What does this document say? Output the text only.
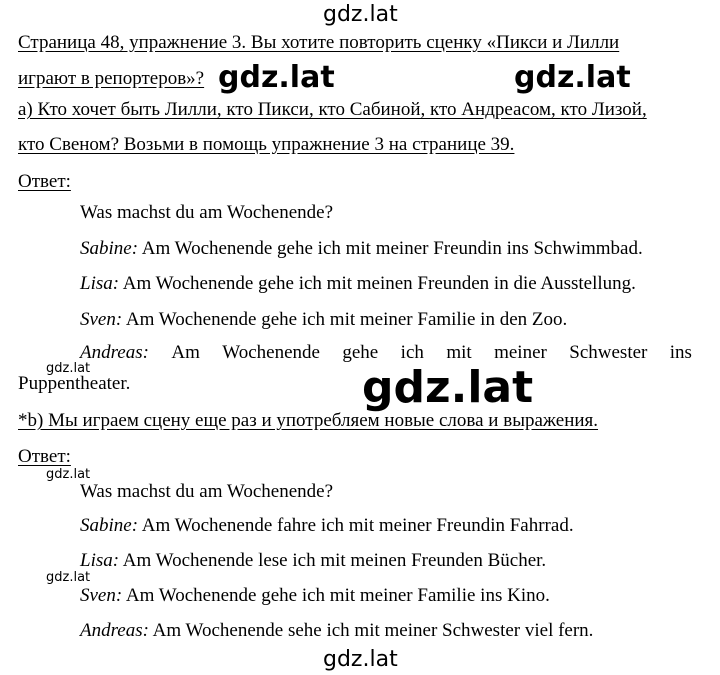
gdz.lat
Страница 48, упражнение 3. Вы хотите повторить сценку «Пикси и Лилли
играют в репортеров»? gdz.lat	gdz.lat
а) Кто хочет быть Лилли, кто Пикси, кто Сабиной, кто Андреасом, кто Лизой,
кто Свеном? Возьми в помощь упражнение 3 на странице 39.
Ответ:
Was machst du am Wochenende?
Sabine: Am Wochenende gehe ich mit meiner Freundin ins Schwimmbad.
Lisa: Am Wochenende gehe ich mit meinen Freunden in die Ausstellung.
Sven: Am Wochenende gehe ich mit meiner Familie in den Zoo.
Andreas: Am Wochenende gehe ich mit meiner Schwester ins
gdz.lat
Puppentheater.	gdz.lat
*b) Мы играем сцену еще раз и употребляем новые слова и выражения.
Ответ:
gdz.lat
Was machst du am Wochenende?
Sabine: Am Wochenende fahre ich mit meiner Freundin Fahrrad.
Lisa: Am Wochenende lese ich mit meinen Freunden Bücher.
gdz.lat
Sven: Am Wochenende gehe ich mit meiner Familie ins Kino.
Andreas: Am Wochenende sehe ich mit meiner Schwester viel fern.
gdz.lat
